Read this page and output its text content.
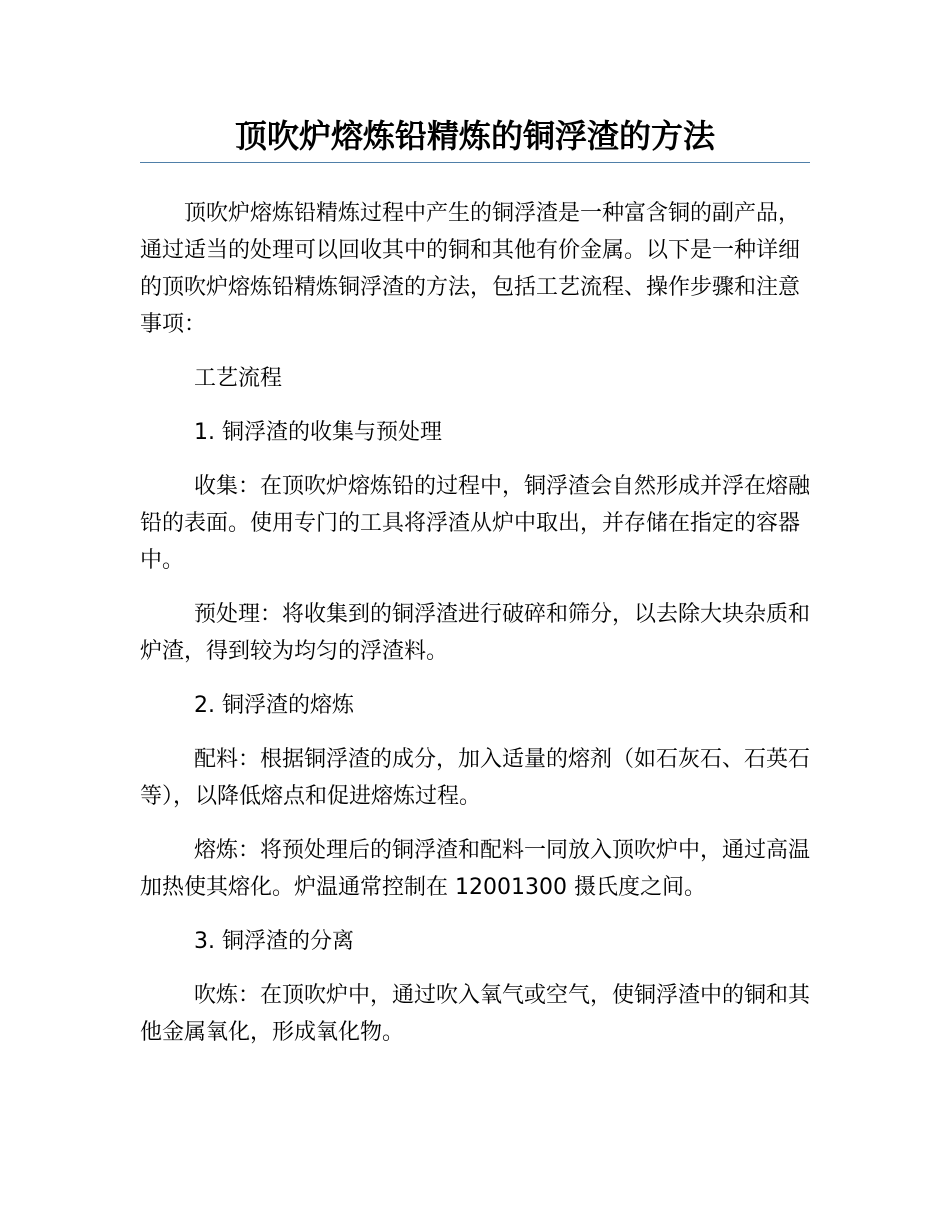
顶吹炉熔炼铅精炼的铜浮渣的方法

顶吹炉熔炼铅精炼过程中产生的铜浮渣是一种富含铜的副产品，通过适当的处理可以回收其中的铜和其他有价金属。以下是一种详细的顶吹炉熔炼铅精炼铜浮渣的方法，包括工艺流程、操作步骤和注意事项：

工艺流程

1. 铜浮渣的收集与预处理

收集：在顶吹炉熔炼铅的过程中，铜浮渣会自然形成并浮在熔融铅的表面。使用专门的工具将浮渣从炉中取出，并存储在指定的容器中。

预处理：将收集到的铜浮渣进行破碎和筛分，以去除大块杂质和炉渣，得到较为均匀的浮渣料。

2. 铜浮渣的熔炼

配料：根据铜浮渣的成分，加入适量的熔剂（如石灰石、石英石等），以降低熔点和促进熔炼过程。

熔炼：将预处理后的铜浮渣和配料一同放入顶吹炉中，通过高温加热使其熔化。炉温通常控制在 12001300 摄氏度之间。

3. 铜浮渣的分离

吹炼：在顶吹炉中，通过吹入氧气或空气，使铜浮渣中的铜和其他金属氧化，形成氧化物。
